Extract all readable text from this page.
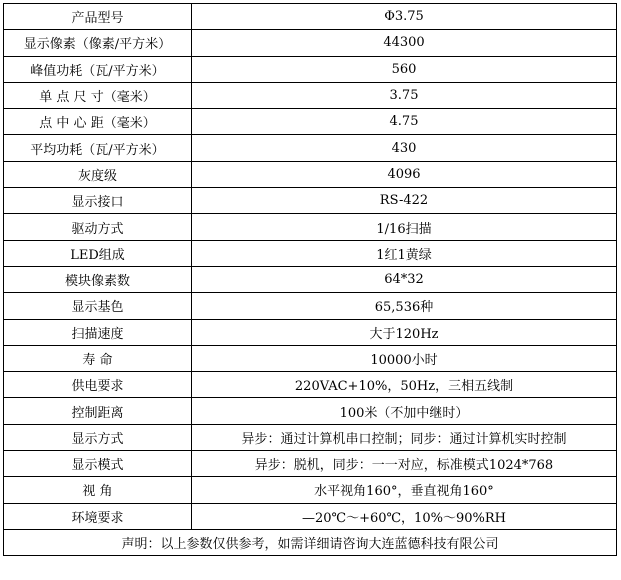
产品型号	Φ3.75
显示像素（像素/平方米）	44300
峰值功耗（瓦/平方米）	560
单 点 尺 寸（毫米）	3.75
点 中 心 距（毫米）	4.75
平均功耗（瓦/平方米）	430
灰度级	4096
显示接口	RS-422
驱动方式	1/16扫描
LED组成	1红1黄绿
模块像素数	64*32
显示基色	65,536种
扫描速度	大于120Hz
寿 命	10000小时
供电要求	220VAC+10%，50Hz，三相五线制
控制距离	100米（不加中继时）
显示方式	异步：通过计算机串口控制；同步：通过计算机实时控制
显示模式	异步：脱机，同步：一一对应，标准模式1024*768
视 角	水平视角160°，垂直视角160°
环境要求	—20℃～+60℃，10%～90%RH
声明：以上参数仅供参考，如需详细请咨询大连蓝德科技有限公司	
